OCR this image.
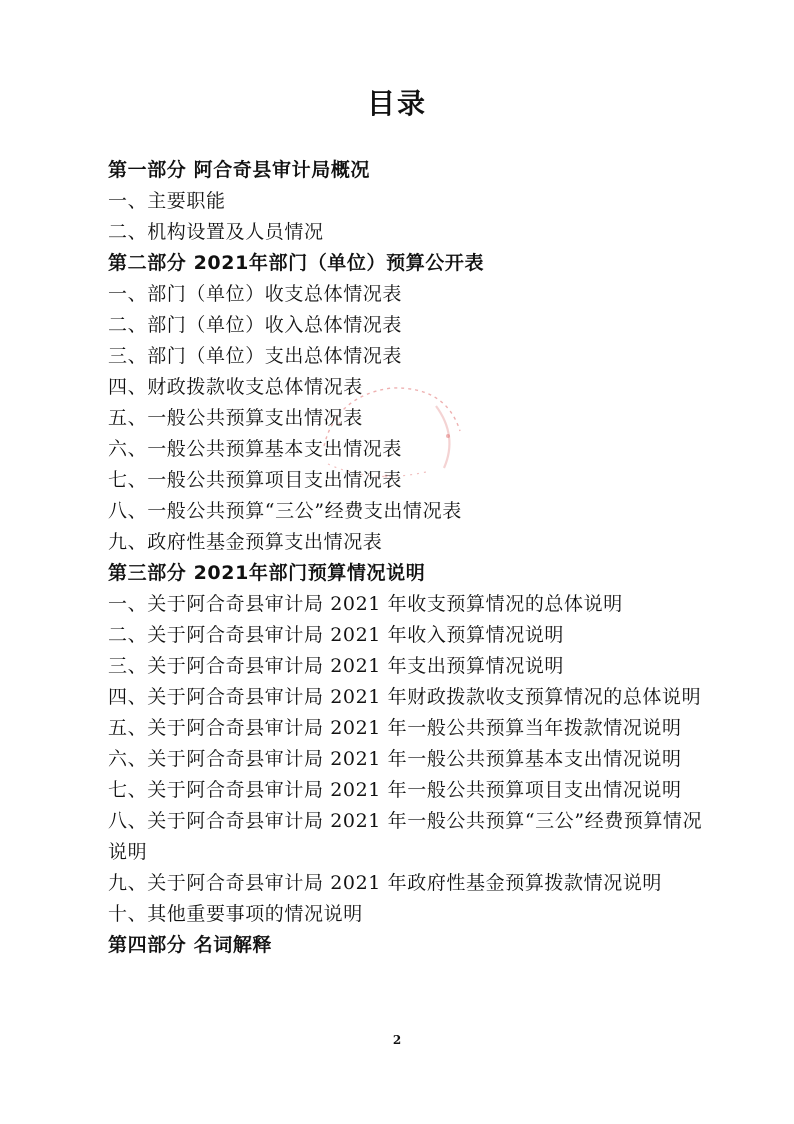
目录
第一部分 阿合奇县审计局概况
一、主要职能
二、机构设置及人员情况
第二部分 2021年部门（单位）预算公开表
一、部门（单位）收支总体情况表
二、部门（单位）收入总体情况表
三、部门（单位）支出总体情况表
四、财政拨款收支总体情况表
五、一般公共预算支出情况表
六、一般公共预算基本支出情况表
七、一般公共预算项目支出情况表
八、一般公共预算“三公”经费支出情况表
九、政府性基金预算支出情况表
第三部分 2021年部门预算情况说明
一、关于阿合奇县审计局 2021 年收支预算情况的总体说明
二、关于阿合奇县审计局 2021 年收入预算情况说明
三、关于阿合奇县审计局 2021 年支出预算情况说明
四、关于阿合奇县审计局 2021 年财政拨款收支预算情况的总体说明
五、关于阿合奇县审计局 2021 年一般公共预算当年拨款情况说明
六、关于阿合奇县审计局 2021 年一般公共预算基本支出情况说明
七、关于阿合奇县审计局 2021 年一般公共预算项目支出情况说明
八、关于阿合奇县审计局 2021 年一般公共预算“三公”经费预算情况说明
九、关于阿合奇县审计局 2021 年政府性基金预算拨款情况说明
十、其他重要事项的情况说明
第四部分 名词解释
2
